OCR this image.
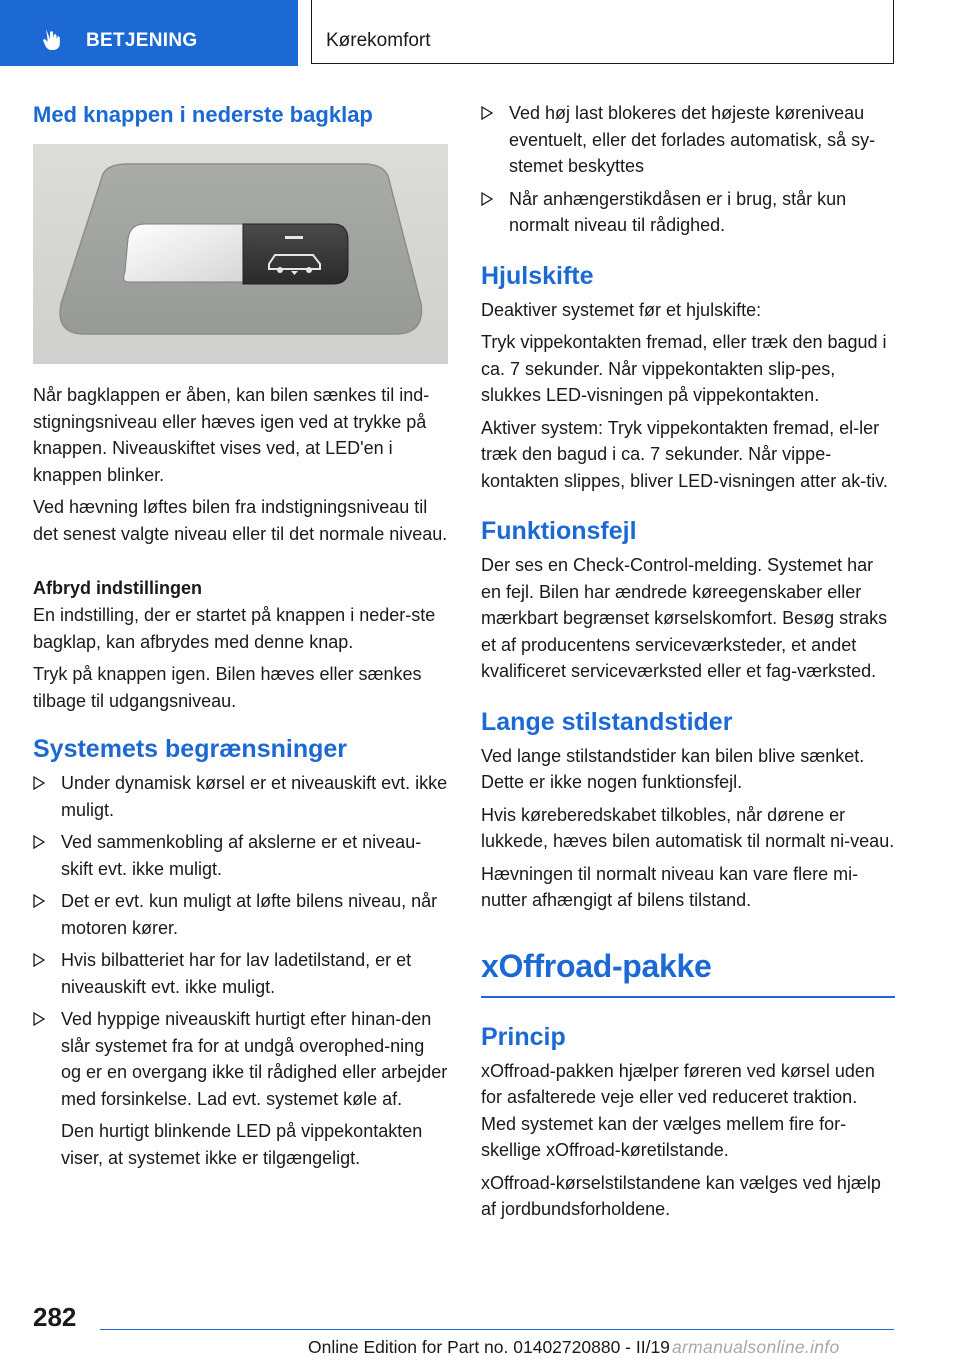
BETJENING	Kørekomfort
Med knappen i nederste bagklap

Når bagklappen er åben, kan bilen sænkes til ind‐stigningsniveau eller hæves igen ved at trykke på knappen. Niveauskiftet vises ved, at LED'en i knappen blinker.

Ved hævning løftes bilen fra indstigningsniveau til det senest valgte niveau eller til det normale niveau.

Afbryd indstillingen

En indstilling, der er startet på knappen i neder‐ste bagklap, kan afbrydes med denne knap.

Tryk på knappen igen. Bilen hæves eller sænkes tilbage til udgangsniveau.

Systemets begrænsninger
Under dynamisk kørsel er et niveauskift evt. ikke muligt.
Ved sammenkobling af akslerne er et niveau‐skift evt. ikke muligt.
Det er evt. kun muligt at løfte bilens niveau, når motoren kører.
Hvis bilbatteriet har for lav ladetilstand, er et niveauskift evt. ikke muligt.
Ved hyppige niveauskift hurtigt efter hinan‐den slår systemet fra for at undgå overophed‐ning og er en overgang ikke til rådighed eller arbejder med forsinkelse. Lad evt. systemet køle af.
Den hurtigt blinkende LED på vippekontakten viser, at systemet ikke er tilgængeligt.
Ved høj last blokeres det højeste køreniveau eventuelt, eller det forlades automatisk, så sy‐stemet beskyttes
Når anhængerstikdåsen er i brug, står kun normalt niveau til rådighed.
Hjulskifte

Deaktiver systemet før et hjulskifte:

Tryk vippekontakten fremad, eller træk den bagud i ca. 7 sekunder. Når vippekontakten slip‐pes, slukkes LED-visningen på vippekontakten.

Aktiver system: Tryk vippekontakten fremad, el‐ler træk den bagud i ca. 7 sekunder. Når vippe‐kontakten slippes, bliver LED-visningen atter ak‐tiv.

Funktionsfejl

Der ses en Check-Control-melding. Systemet har en fejl. Bilen har ændrede køreegenskaber eller mærkbart begrænset kørselskomfort. Besøg straks et af producentens serviceværksteder, et andet kvalificeret serviceværksted eller et fag‐værksted.

Lange stilstandstider

Ved lange stilstandstider kan bilen blive sænket. Dette er ikke nogen funktionsfejl.

Hvis køreberedskabet tilkobles, når dørene er lukkede, hæves bilen automatisk til normalt ni‐veau.

Hævningen til normalt niveau kan vare flere mi‐nutter afhængigt af bilens tilstand.

xOffroad-pakke
Princip

xOffroad-pakken hjælper føreren ved kørsel uden for asfalterede veje eller ved reduceret traktion. Med systemet kan der vælges mellem fire for‐skellige xOffroad-køretilstande.

xOffroad-kørselstilstandene kan vælges ved hjælp af jordbundsforholdene.

282
Online Edition for Part no. 01402720880 - II/19 armanualsonline.info
